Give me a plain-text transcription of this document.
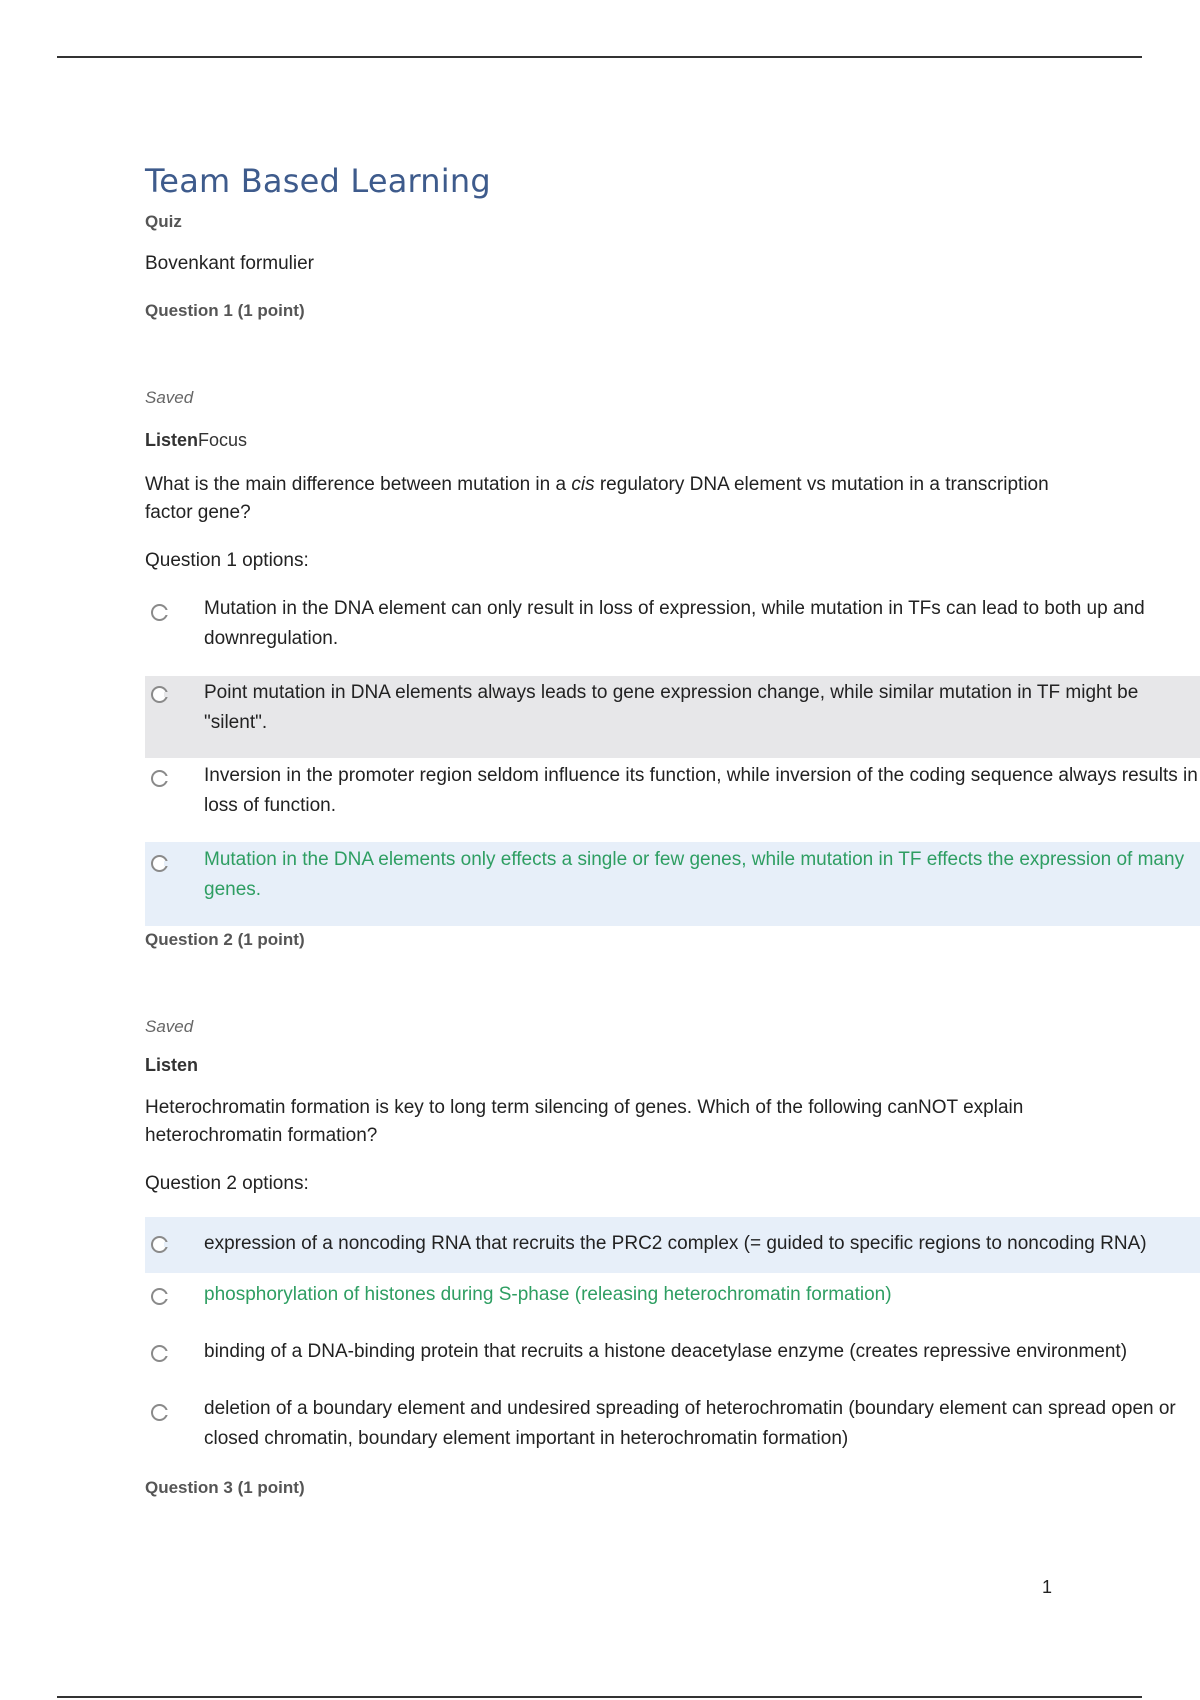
Team Based Learning
Quiz
Bovenkant formulier
Question 1 (1 point)
Saved
ListenFocus
What is the main difference between mutation in a cis regulatory DNA element vs mutation in a transcription factor gene?
Question 1 options:
Mutation in the DNA element can only result in loss of expression, while mutation in TFs can lead to both up and downregulation.
Point mutation in DNA elements always leads to gene expression change, while similar mutation in TF might be "silent".
Inversion in the promoter region seldom influence its function, while inversion of the coding sequence always results in loss of function.
Mutation in the DNA elements only effects a single or few genes, while mutation in TF effects the expression of many genes.
Question 2 (1 point)
Saved
Listen
Heterochromatin formation is key to long term silencing of genes. Which of the following canNOT explain heterochromatin formation?
Question 2 options:
expression of a noncoding RNA that recruits the PRC2 complex (= guided to specific regions to noncoding RNA)
phosphorylation of histones during S-phase (releasing heterochromatin formation)
binding of a DNA-binding protein that recruits a histone deacetylase enzyme (creates repressive environment)
deletion of a boundary element and undesired spreading of heterochromatin (boundary element can spread open or closed chromatin, boundary element important in heterochromatin formation)
Question 3 (1 point)
1
